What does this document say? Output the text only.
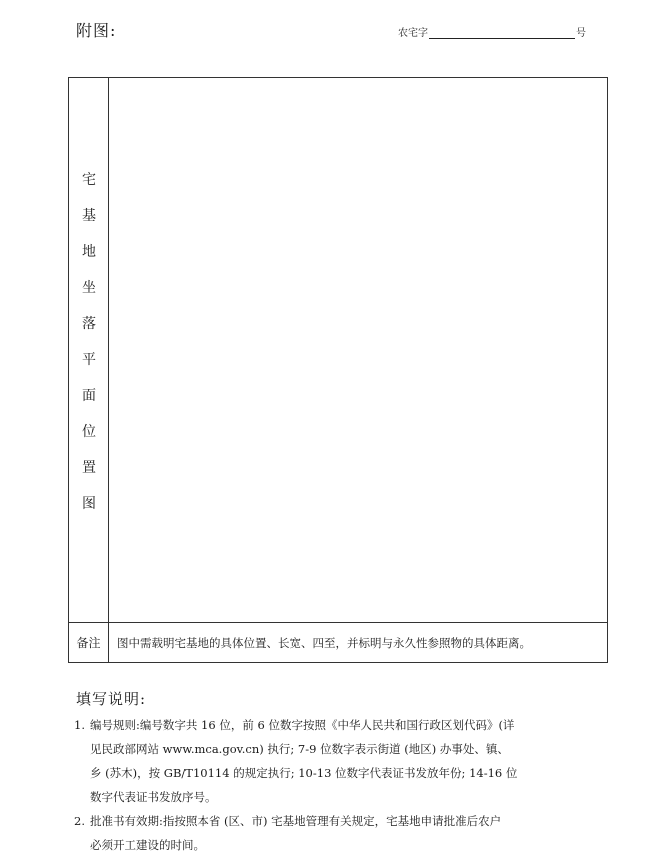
附图:	农宅字	号
宅
基
地
坐
落
平
面
位
置
图
备注	图中需载明宅基地的具体位置、长宽、四至，并标明与永久性参照物的具体距离。
填写说明:
1. 编号规则:编号数字共 16 位，前 6 位数字按照《中华人民共和国行政区划代码》(详
见民政部网站 www.mca.gov.cn) 执行; 7-9 位数字表示街道 (地区) 办事处、镇、
乡 (苏木)，按 GB/T10114 的规定执行; 10-13 位数字代表证书发放年份; 14-16 位
数字代表证书发放序号。
2. 批准书有效期:指按照本省 (区、市) 宅基地管理有关规定，宅基地申请批准后农户
必须开工建设的时间。
